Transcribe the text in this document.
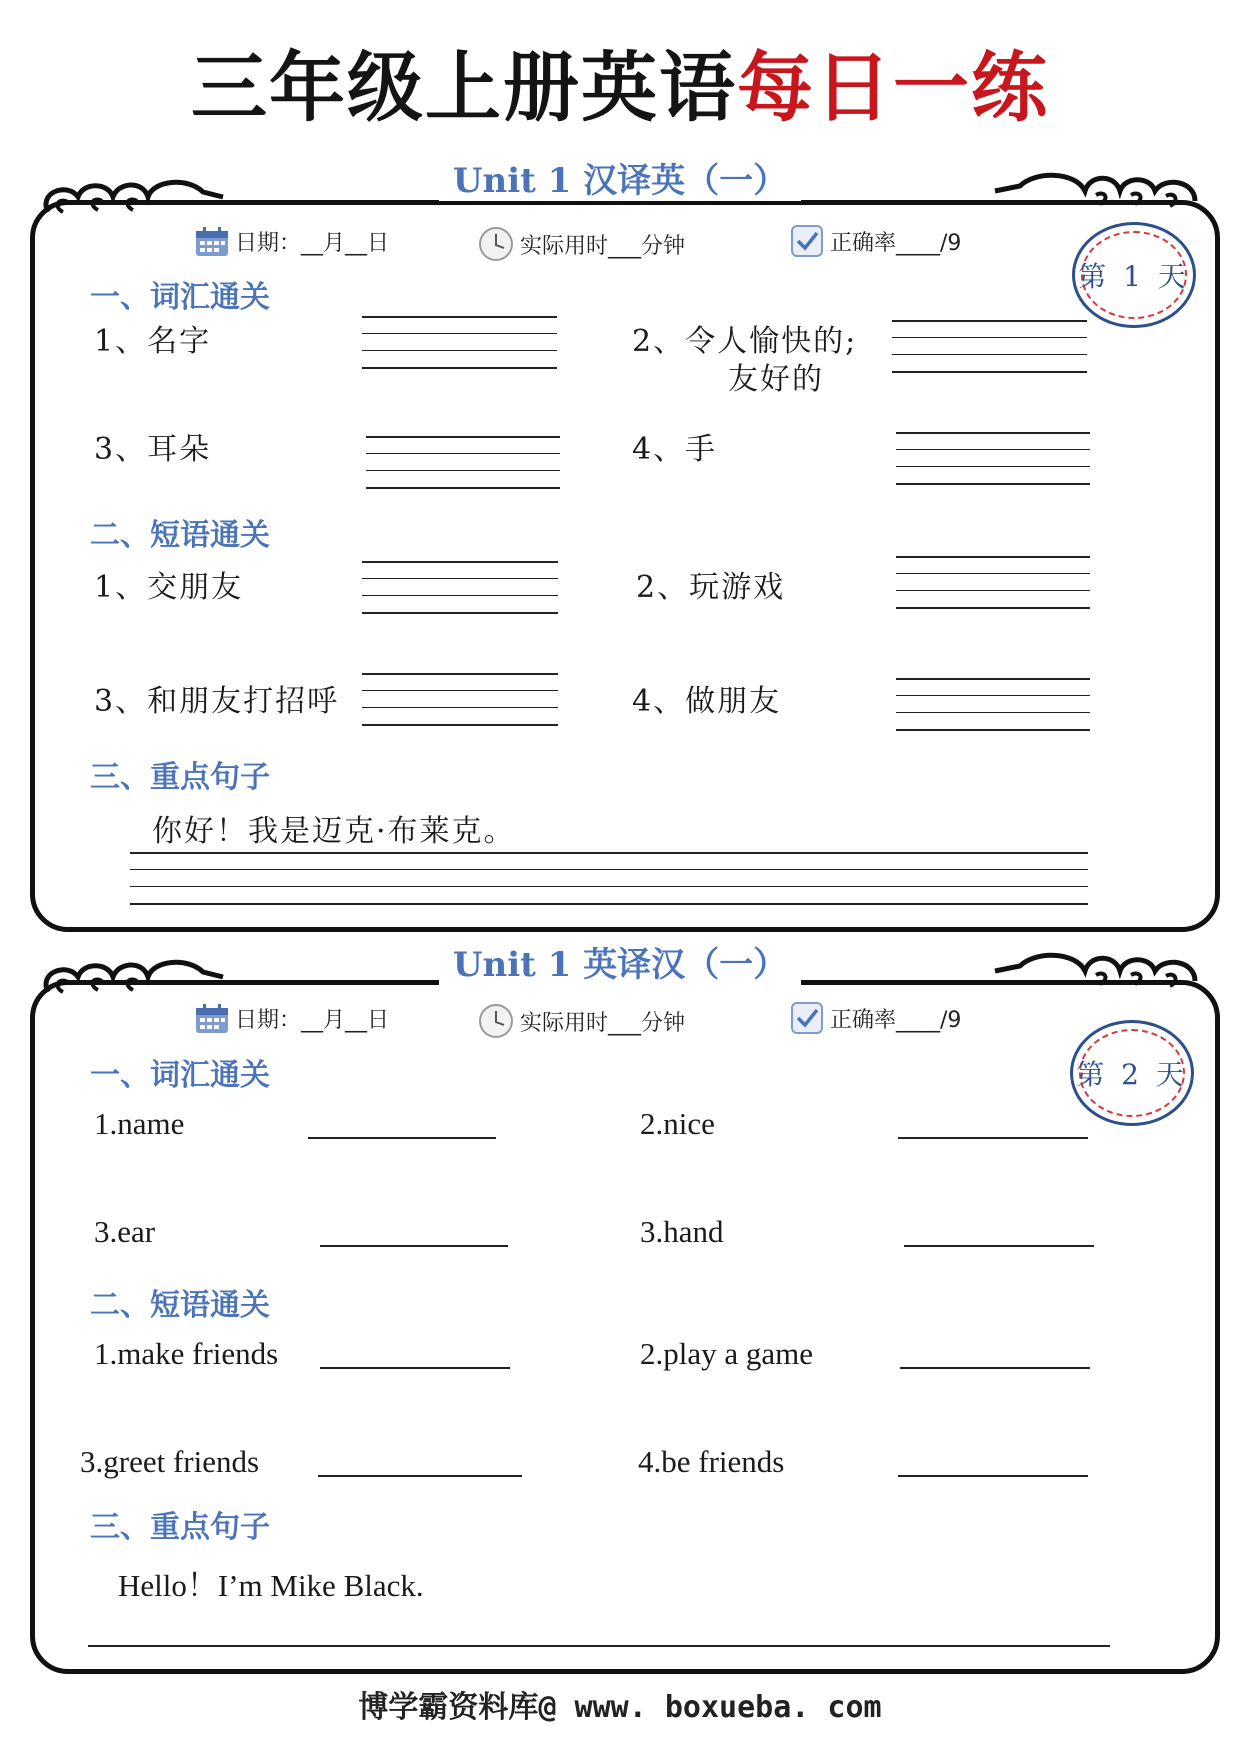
三年级上册英语每日一练
Unit 1 汉译英（一）
日期：__月__日	实际用时___分钟	正确率____/9
第 1 天
一、词汇通关
1、名字	2、令人愉快的;
友好的
3、耳朵	4、手
二、短语通关
1、交朋友	2、玩游戏
3、和朋友打招呼	4、做朋友
三、重点句子
你好！我是迈克·布莱克。
Unit 1 英译汉（一）
日期：__月__日	实际用时___分钟	正确率____/9
第 2 天
一、词汇通关
1.name	2.nice
3.ear	3.hand
二、短语通关
1.make friends	2.play a game
3.greet friends	4.be friends
三、重点句子
Hello！I’m Mike Black.
博学霸资料库@ www. boxueba. com
